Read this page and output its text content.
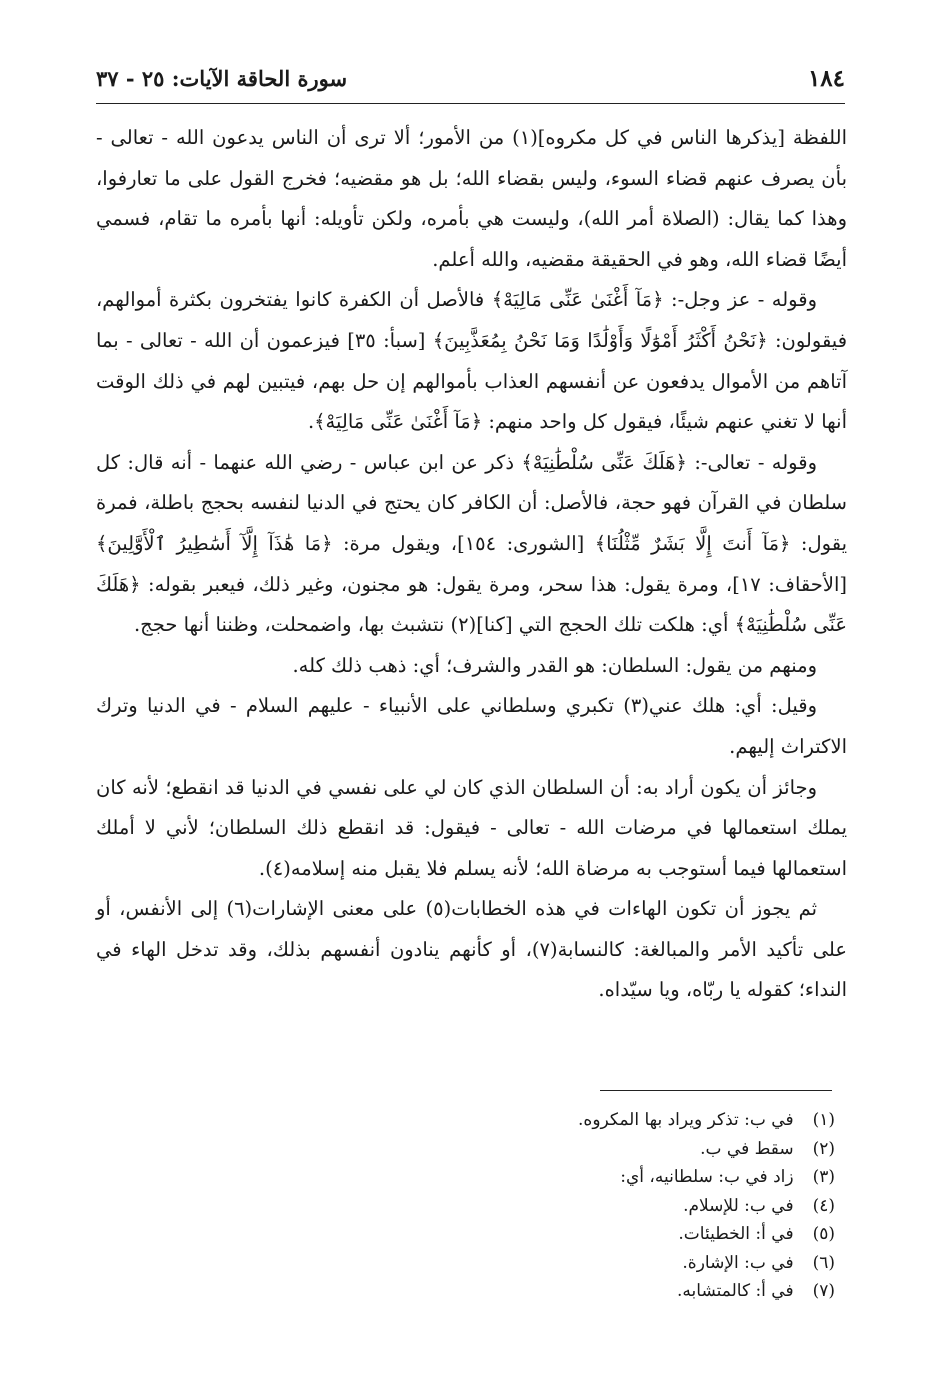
سورة الحاقة الآيات: ٢٥ - ٣٧	١٨٤

اللفظة [يذكرها الناس في كل مكروه](١) من الأمور؛ ألا ترى أن الناس يدعون الله - تعالى - بأن يصرف عنهم قضاء السوء، وليس بقضاء الله؛ بل هو مقضيه؛ فخرج القول على ما تعارفوا، وهذا كما يقال: (الصلاة أمر الله)، وليست هي بأمره، ولكن تأويله: أنها بأمره ما تقام، فسمي أيضًا قضاء الله، وهو في الحقيقة مقضيه، والله أعلم.

وقوله - عز وجل-: ﴿مَآ أَغْنَىٰ عَنِّى مَالِيَهْ﴾ فالأصل أن الكفرة كانوا يفتخرون بكثرة أموالهم، فيقولون: ﴿نَحْنُ أَكْثَرُ أَمْوَٰلًا وَأَوْلَٰدًا وَمَا نَحْنُ بِمُعَذَّبِينَ﴾ [سبأ: ٣٥] فيزعمون أن الله - تعالى - بما آتاهم من الأموال يدفعون عن أنفسهم العذاب بأموالهم إن حل بهم، فيتبين لهم في ذلك الوقت أنها لا تغني عنهم شيئًا، فيقول كل واحد منهم: ﴿مَآ أَغْنَىٰ عَنِّى مَالِيَهْ﴾.

وقوله - تعالى-: ﴿هَلَكَ عَنِّى سُلْطَٰنِيَهْ﴾ ذكر عن ابن عباس - رضي الله عنهما - أنه قال: كل سلطان في القرآن فهو حجة، فالأصل: أن الكافر كان يحتج في الدنيا لنفسه بحجج باطلة، فمرة يقول: ﴿مَآ أَنتَ إِلَّا بَشَرٌ مِّثْلُنَا﴾ [الشورى: ١٥٤]، ويقول مرة: ﴿مَا هَٰذَآ إِلَّآ أَسَٰطِيرُ ٱلْأَوَّلِينَ﴾ [الأحقاف: ١٧]، ومرة يقول: هذا سحر، ومرة يقول: هو مجنون، وغير ذلك، فيعبر بقوله: ﴿هَلَكَ عَنِّى سُلْطَٰنِيَهْ﴾ أي: هلكت تلك الحجج التي [كنا](٢) نتشبث بها، واضمحلت، وظننا أنها حجج.

ومنهم من يقول: السلطان: هو القدر والشرف؛ أي: ذهب ذلك كله.

وقيل: أي: هلك عني(٣) تكبري وسلطاني على الأنبياء - عليهم السلام - في الدنيا وترك الاكتراث إليهم.

وجائز أن يكون أراد به: أن السلطان الذي كان لي على نفسي في الدنيا قد انقطع؛ لأنه كان يملك استعمالها في مرضات الله - تعالى - فيقول: قد انقطع ذلك السلطان؛ لأني لا أملك استعمالها فيما أستوجب به مرضاة الله؛ لأنه يسلم فلا يقبل منه إسلامه(٤).

ثم يجوز أن تكون الهاءات في هذه الخطابات(٥) على معنى الإشارات(٦) إلى الأنفس، أو على تأكيد الأمر والمبالغة: كالنسابة(٧)، أو كأنهم ينادون أنفسهم بذلك، وقد تدخل الهاء في النداء؛ كقوله يا ربّاه، ويا سيّداه.

(١) في ب: تذكر ويراد بها المكروه.
(٢) سقط في ب.
(٣) زاد في ب: سلطانيه، أي:
(٤) في ب: للإسلام.
(٥) في أ: الخطيئات.
(٦) في ب: الإشارة.
(٧) في أ: كالمتشابه.
